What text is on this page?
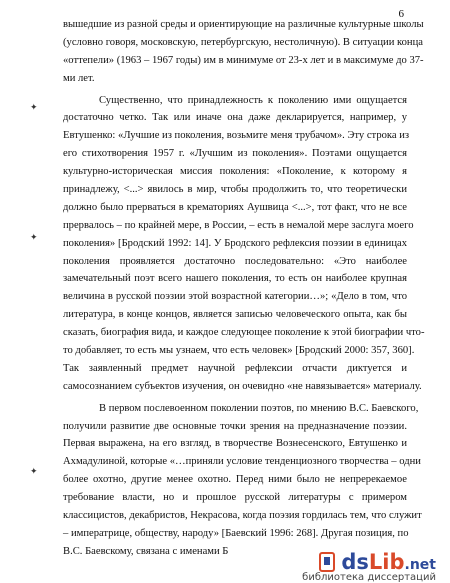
6
✦
✦
✦
вышедшие из разной среды и ориентирующие на различные культурные школы
(условно говоря, московскую, петербургскую, нестоличную). В ситуации конца
«оттепели» (1963 – 1967 годы) им в минимуме от 23-х лет и в максимуме до 37-
ми лет.
Существенно, что принадлежность к поколению ими ощущается
достаточно четко. Так или иначе она даже декларируется, например, у
Евтушенко: «Лучшие из поколения, возьмите меня трубачом». Эту строка из
его стихотворения 1957 г. «Лучшим из поколения». Поэтами ощущается
культурно-историческая миссия поколения: «Поколение, к которому я
принадлежу, <...> явилось в мир, чтобы продолжить то, что теоретически
должно было прерваться в крематориях Аушвица <...>, тот факт, что не все
прервалось – по крайней мере, в России, – есть в немалой мере заслуга моего
поколения» [Бродский 1992: 14]. У Бродского рефлексия поэзии в единицах
поколения проявляется достаточно последовательно: «Это наиболее
замечательный поэт всего нашего поколения, то есть он наиболее крупная
величина в русской поэзии этой возрастной категории…»; «Дело в том, что
литература, в конце концов, является записью человеческого опыта, как бы
сказать, биография вида, и каждое следующее поколение к этой биографии что-
то добавляет, то есть мы узнаем, что есть человек» [Бродский 2000: 357, 360].
Так заявленный предмет научной рефлексии отчасти диктуется и
самосознанием субъектов изучения, он очевидно «не навязывается» материалу.
В первом послевоенном поколении поэтов, по мнению В.С. Баевского,
получили развитие две основные точки зрения на предназначение поэзии.
Первая выражена, на его взгляд, в творчестве Вознесенского, Евтушенко и
Ахмадулиной, которые «…приняли условие тенденциозного творчества – одни
более охотно, другие менее охотно. Перед ними было не непререкаемое
требование власти, но и прошлое русской литературы с примером
классицистов, декабристов, Некрасова, когда поэзия гордилась тем, что служит
– императрице, обществу, народу» [Баевский 1996: 268]. Другая позиция, по
В.С. Баевскому, связана с именами Б	ds Lib .net
библиотека диссертаций
